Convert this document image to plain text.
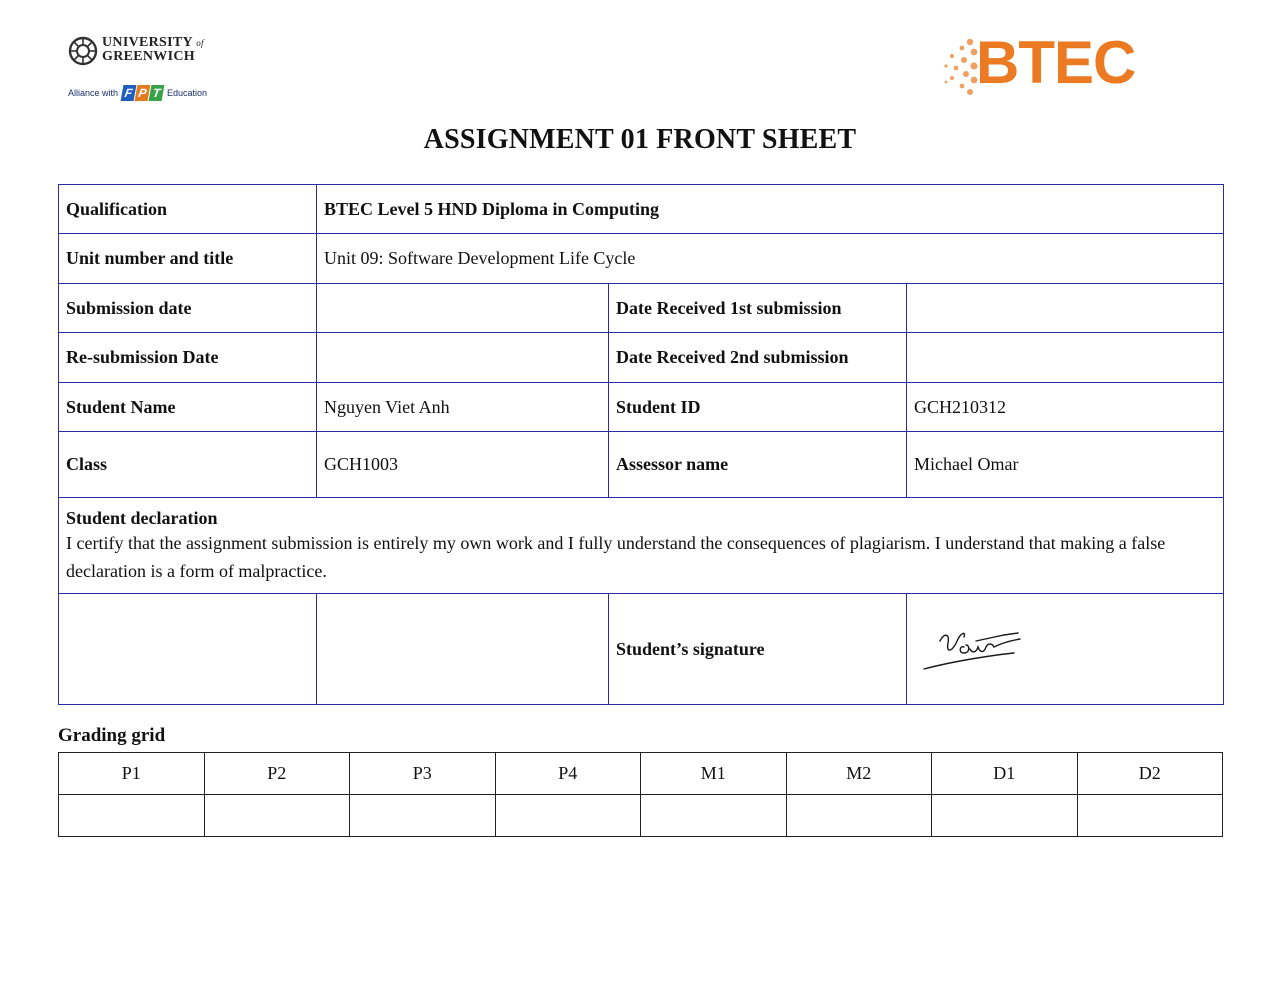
UNIVERSITY of
GREENWICH
Alliance with F P T Education	BTEC
ASSIGNMENT 01 FRONT SHEET
Qualification	BTEC Level 5 HND Diploma in Computing		
Unit number and title	Unit 09: Software Development Life Cycle		
Submission date		Date Received 1st submission	
Re-submission Date		Date Received 2nd submission	
Student Name	Nguyen Viet Anh	Student ID	GCH210312
Class	GCH1003	Assessor name	Michael Omar

Student declaration
I certify that the assignment submission is entirely my own work and I fully understand the consequences of plagiarism. I understand that making a false declaration is a form of malpractice.			
		Student’s signature	
Grading grid
P1	P2	P3	P4	M1	M2	D1	D2
